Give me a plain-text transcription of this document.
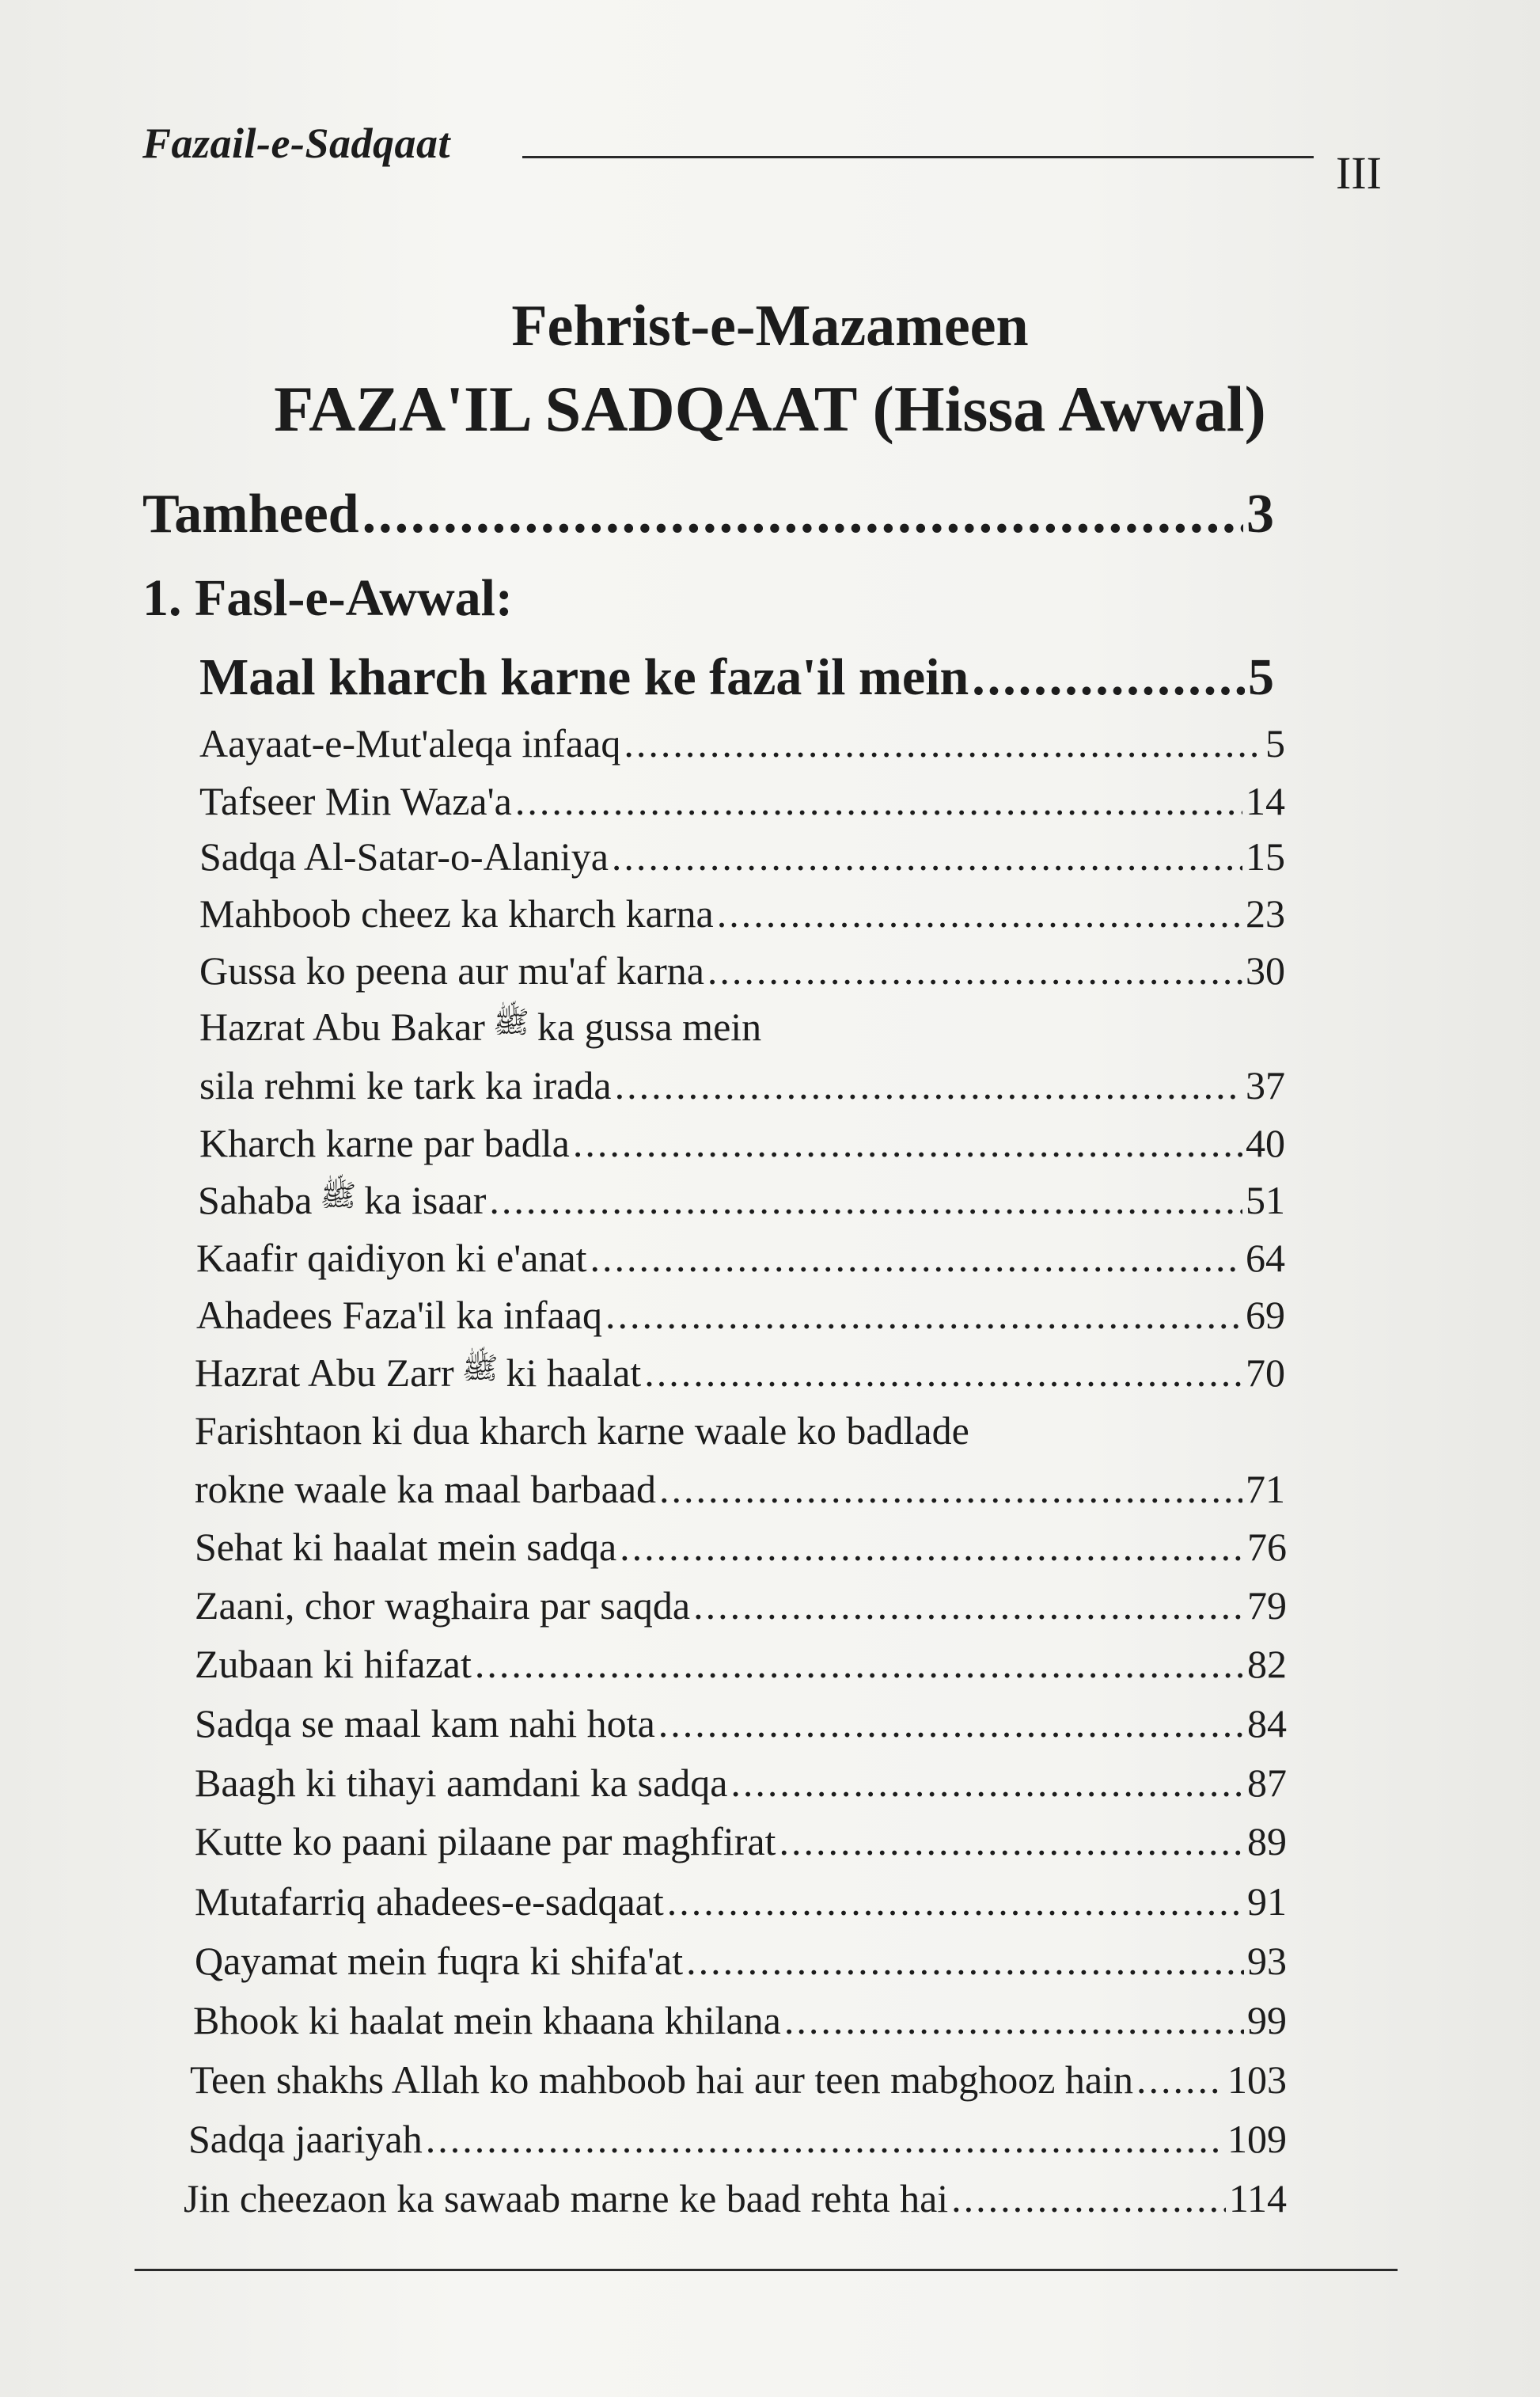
Fazail-e-Sadqaat
III
Fehrist-e-Mazameen
FAZA'IL SADQAAT (Hissa Awwal)
Tamheed .....	3
1. Fasl-e-Awwal:
Maal kharch karne ke faza'il mein .....	5
Aayaat-e-Mut'aleqa infaaq .....	5
Tafseer Min Waza'a .....	14
Sadqa Al-Satar-o-Alaniya .....	15
Mahboob cheez ka kharch karna .....	23
Gussa ko peena aur mu'af karna .....	30
Hazrat Abu Bakar $^ﷺ$ ka gussa mein
sila rehmi ke tark ka irada .....	37
Kharch karne par badla .....	40
Sahaba $^ﷺ$ ka isaar .....	51
Kaafir qaidiyon ki e'anat .....	64
Ahadees Faza'il ka infaaq .....	69
Hazrat Abu Zarr $^ﷺ$ ki haalat .....	70
Farishtaon ki dua kharch karne waale ko badlade
rokne waale ka maal barbaad .....	71
Sehat ki haalat mein sadqa .....	76
Zaani, chor waghaira par saqda .....	79
Zubaan ki hifazat .....	82
Sadqa se maal kam nahi hota .....	84
Baagh ki tihayi aamdani ka sadqa .....	87
Kutte ko paani pilaane par maghfirat .....	89
Mutafarriq ahadees-e-sadqaat .....	91
Qayamat mein fuqra ki shifa'at .....	93
Bhook ki haalat mein khaana khilana .....	99
Teen shakhs Allah ko mahboob hai aur teen mabghooz hain ..... 103
Sadqa jaariyah .....	109
Jin cheezaon ka sawaab marne ke baad rehta hai .....	114
